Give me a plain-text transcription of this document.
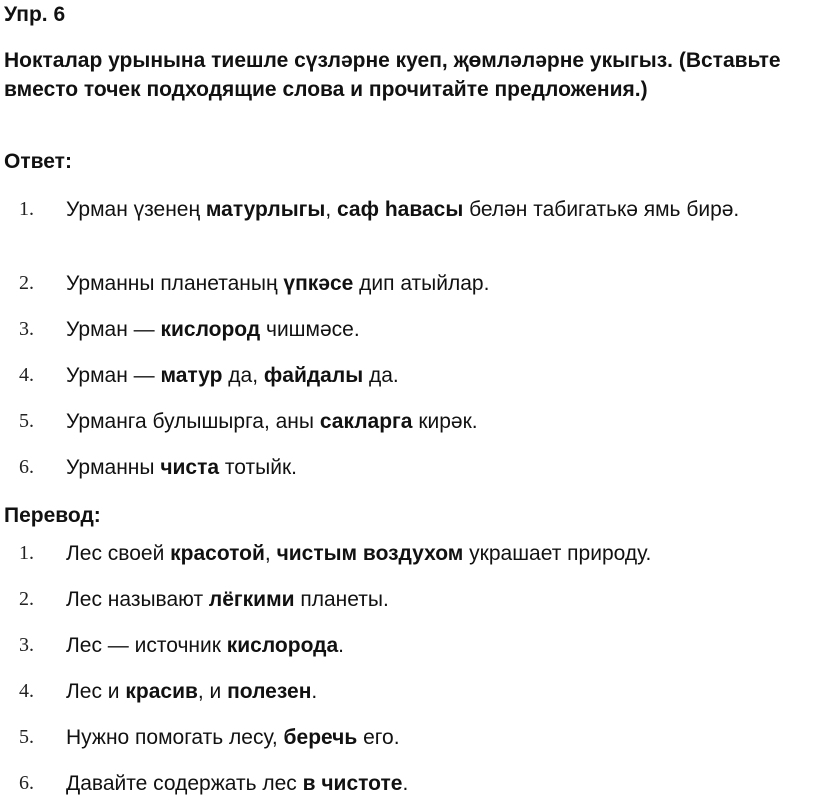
Упр. 6

Нокталар урынына тиешле сүзләрне куеп, җөмләләрне укыгыз. (Вставьте вместо точек подходящие слова и прочитайте предложения.)

Ответ:
1.	Урман үзенең матурлыгы, саф һавасы белән табигатькә ямь бирә.
2.	Урманны планетаның үпкәсе дип атыйлар.
3.	Урман — кислород чишмәсе.
4.	Урман — матур да, файдалы да.
5.	Урманга булышырга, аны сакларга кирәк.
6.	Урманны чиста тотыйк.
Перевод:
1.	Лес своей красотой, чистым воздухом украшает природу.
2.	Лес называют лёгкими планеты.
3.	Лес — источник кислорода.
4.	Лес и красив, и полезен.
5.	Нужно помогать лесу, беречь его.
6.	Давайте содержать лес в чистоте.
